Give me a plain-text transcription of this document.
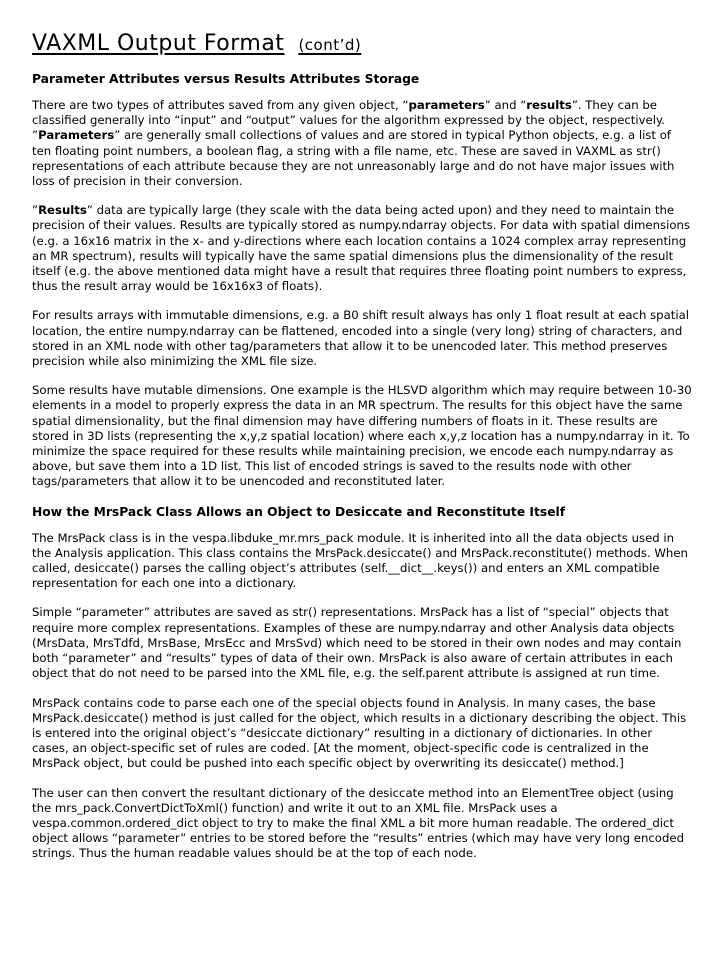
VAXML Output Format (cont’d)
Parameter Attributes versus Results Attributes Storage

There are two types of attributes saved from any given object, “parameters” and “results”. They can be classified generally into “input” and “output” values for the algorithm expressed by the object, respectively. ”Parameters” are generally small collections of values and are stored in typical Python objects, e.g. a list of ten floating point numbers, a boolean flag, a string with a file name, etc. These are saved in VAXML as str() representations of each attribute because they are not unreasonably large and do not have major issues with loss of precision in their conversion.

”Results” data are typically large (they scale with the data being acted upon) and they need to maintain the precision of their values. Results are typically stored as numpy.ndarray objects. For data with spatial dimensions (e.g. a 16x16 matrix in the x- and y-directions where each location contains a 1024 complex array representing an MR spectrum), results will typically have the same spatial dimensions plus the dimensionality of the result itself (e.g. the above mentioned data might have a result that requires three floating point numbers to express, thus the result array would be 16x16x3 of floats).

For results arrays with immutable dimensions, e.g. a B0 shift result always has only 1 float result at each spatial location, the entire numpy.ndarray can be flattened, encoded into a single (very long) string of characters, and stored in an XML node with other tag/parameters that allow it to be unencoded later. This method preserves precision while also minimizing the XML file size.

Some results have mutable dimensions. One example is the HLSVD algorithm which may require between 10-30 elements in a model to properly express the data in an MR spectrum. The results for this object have the same spatial dimensionality, but the final dimension may have differing numbers of floats in it. These results are stored in 3D lists (representing the x,y,z spatial location) where each x,y,z location has a numpy.ndarray in it. To minimize the space required for these results while maintaining precision, we encode each numpy.ndarray as above, but save them into a 1D list. This list of encoded strings is saved to the results node with other tags/parameters that allow it to be unencoded and reconstituted later.

How the MrsPack Class Allows an Object to Desiccate and Reconstitute Itself

The MrsPack class is in the vespa.libduke_mr.mrs_pack module. It is inherited into all the data objects used in the Analysis application. This class contains the MrsPack.desiccate() and MrsPack.reconstitute() methods. When called, desiccate() parses the calling object’s attributes (self.__dict__.keys()) and enters an XML compatible representation for each one into a dictionary.

Simple “parameter” attributes are saved as str() representations. MrsPack has a list of “special” objects that require more complex representations. Examples of these are numpy.ndarray and other Analysis data objects (MrsData, MrsTdfd, MrsBase, MrsEcc and MrsSvd) which need to be stored in their own nodes and may contain both “parameter” and “results” types of data of their own. MrsPack is also aware of certain attributes in each object that do not need to be parsed into the XML file, e.g. the self.parent attribute is assigned at run time.

MrsPack contains code to parse each one of the special objects found in Analysis. In many cases, the base MrsPack.desiccate() method is just called for the object, which results in a dictionary describing the object. This is entered into the original object’s “desiccate dictionary” resulting in a dictionary of dictionaries. In other cases, an object-specific set of rules are coded. [At the moment, object-specific code is centralized in the MrsPack object, but could be pushed into each specific object by overwriting its desiccate() method.]

The user can then convert the resultant dictionary of the desiccate method into an ElementTree object (using the mrs_pack.ConvertDictToXml() function) and write it out to an XML file. MrsPack uses a vespa.common.ordered_dict object to try to make the final XML a bit more human readable. The ordered_dict object allows “parameter” entries to be stored before the “results” entries (which may have very long encoded strings. Thus the human readable values should be at the top of each node.
